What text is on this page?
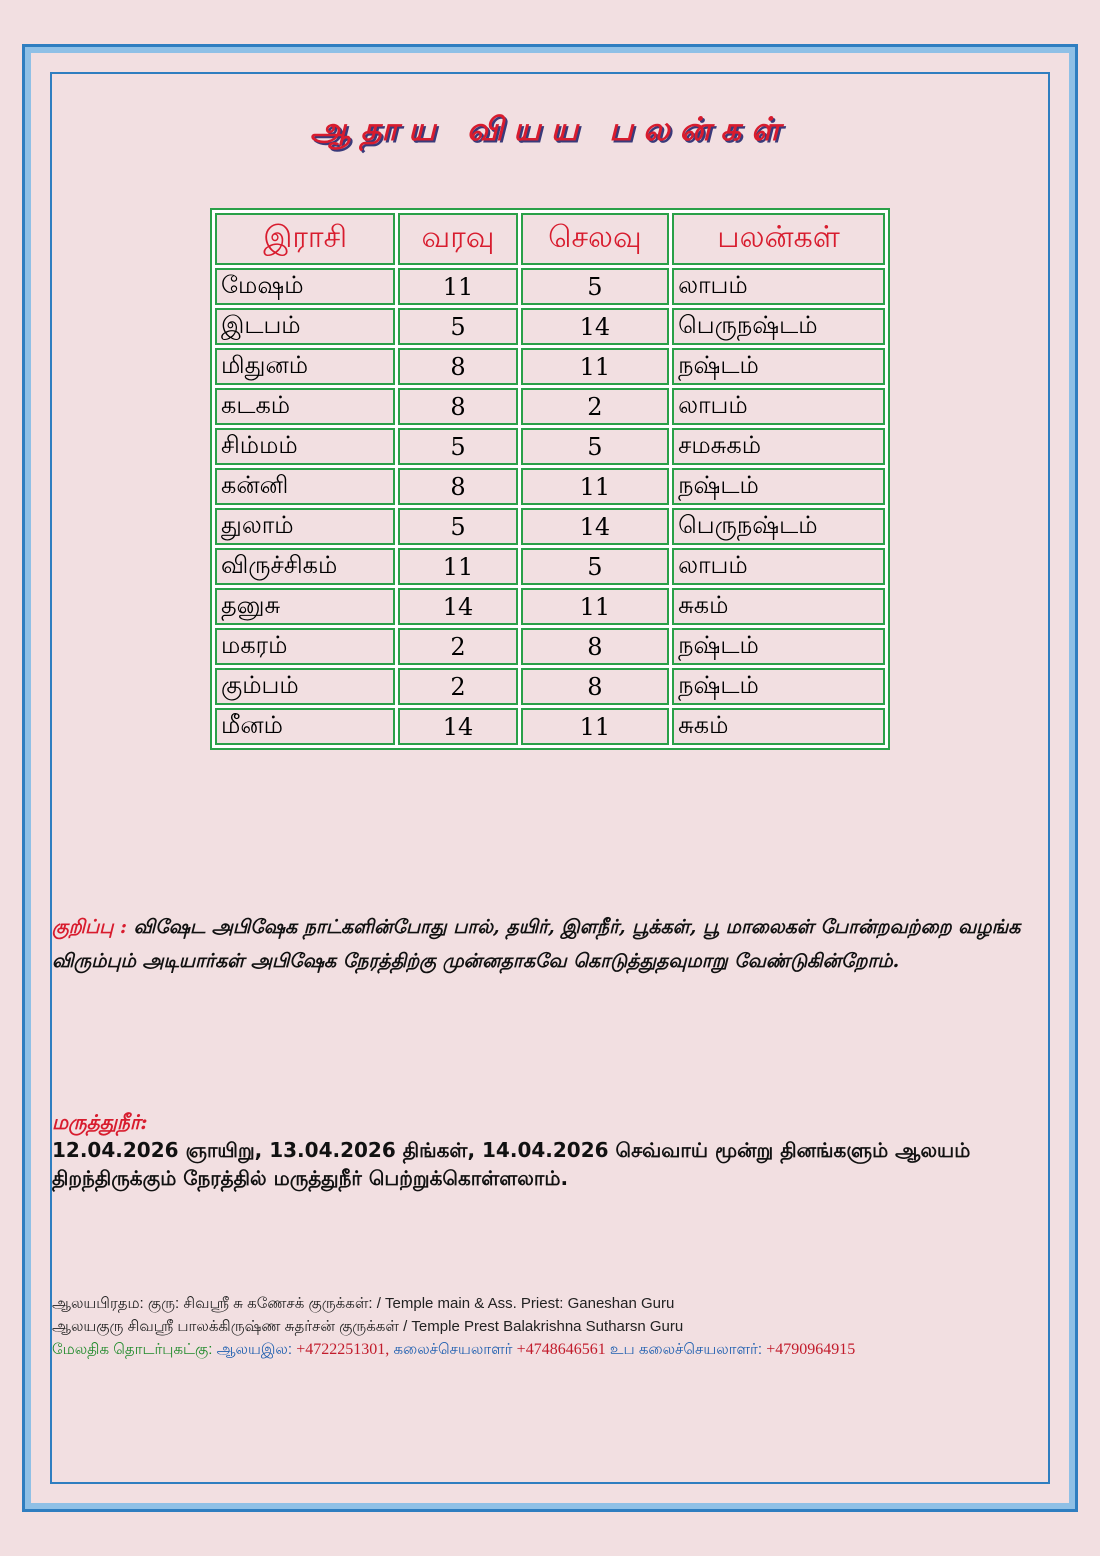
ஆதாய வியய பலன்கள்
இராசி	வரவு	செலவு	பலன்கள்
மேஷம்	11	5	லாபம்
இடபம்	5	14	பெருநஷ்டம்
மிதுனம்	8	11	நஷ்டம்
கடகம்	8	2	லாபம்
சிம்மம்	5	5	சமசுகம்
கன்னி	8	11	நஷ்டம்
துலாம்	5	14	பெருநஷ்டம்
விருச்சிகம்	11	5	லாபம்
தனுசு	14	11	சுகம்
மகரம்	2	8	நஷ்டம்
கும்பம்	2	8	நஷ்டம்
மீனம்	14	11	சுகம்
குறிப்பு : விஷேட அபிஷேக நாட்களின்போது பால், தயிர், இளநீர், பூக்கள், பூ மாலைகள் போன்றவற்றை வழங்க விரும்பும் அடியார்கள் அபிஷேக நேரத்திற்கு முன்னதாகவே கொடுத்துதவுமாறு வேண்டுகின்றோம்.
மருத்துநீர்:
12.04.2026 ஞாயிறு, 13.04.2026 திங்கள், 14.04.2026 செவ்வாய் மூன்று தினங்களும் ஆலயம் திறந்திருக்கும் நேரத்தில் மருத்துநீர் பெற்றுக்கொள்ளலாம்.
ஆலயபிரதம: குரு: சிவஸ்ரீ சு கணேசக் குருக்கள்: / Temple main & Ass. Priest: Ganeshan Guru
ஆலயகுரு சிவஸ்ரீ பாலக்கிருஷ்ண சுதர்சன் குருக்கள் / Temple Prest Balakrishna Sutharsn Guru
மேலதிக தொடர்புகட்கு: ஆலயஇல: +4722251301, கலைச்செயலாளர் +4748646561 உப கலைச்செயலாளர்: +4790964915
